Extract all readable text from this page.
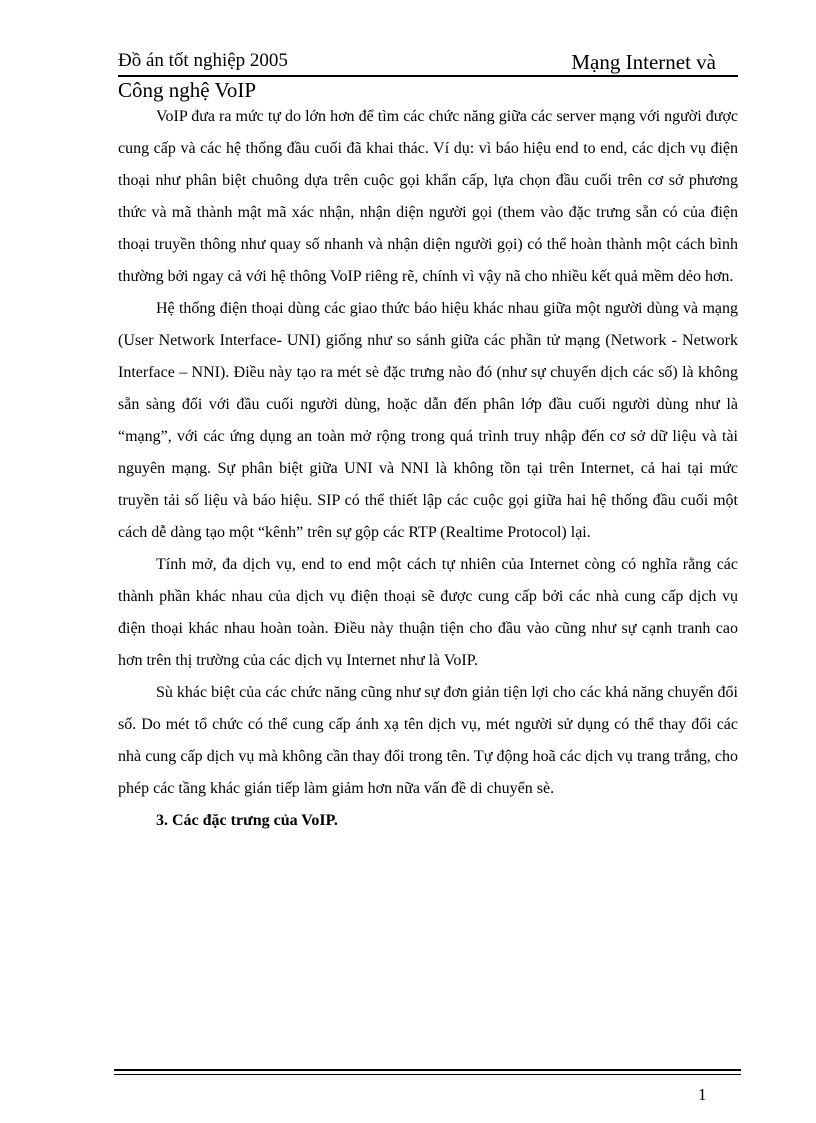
Đồ án tốt nghiệp 2005	Mạng Internet và
Công nghệ VoIP

VoIP đưa ra mức tự do lớn hơn để tìm các chức năng giữa các server mạng với người được cung cấp và các hệ thống đầu cuối đã khai thác. Ví dụ: vì báo hiệu end to end, các dịch vụ điện thoại như phân biệt chuông dựa trên cuộc gọi khẩn cấp, lựa chọn đầu cuối trên cơ sở phương thức và mã thành mật mã xác nhận, nhận diện người gọi (them vào đặc trưng sẵn có của điện thoại truyền thông như quay số nhanh và nhận diện người gọi) có thể hoàn thành một cách bình thường bởi ngay cả với hệ thông VoIP riêng rẽ, chính vì vậy nã cho nhiều kết quả mềm dẻo hơn.

Hệ thống điện thoại dùng các giao thức báo hiệu khác nhau giữa một người dùng và mạng (User Network Interface- UNI) giống như so sánh giữa các phần tử mạng (Network - Network Interface – NNI). Điều này tạo ra mét sè đặc trưng nào đó (như sự chuyển dịch các số) là không sẵn sàng đối với đầu cuối người dùng, hoặc dẫn đến phân lớp đầu cuối người dùng như là “mạng”, với các ứng dụng an toàn mở rộng trong quá trình truy nhập đến cơ sở dữ liệu và tài nguyên mạng. Sự phân biệt giữa UNI và NNI là không tồn tại trên Internet, cả hai tại mức truyền tải số liệu và báo hiệu. SIP có thể thiết lập các cuộc gọi giữa hai hệ thống đầu cuối một cách dễ dàng tạo một “kênh” trên sự gộp các RTP (Realtime Protocol) lại.

Tính mở, đa dịch vụ, end to end một cách tự nhiên của Internet còng có nghĩa rằng các thành phần khác nhau của dịch vụ điện thoại sẽ được cung cấp bởi các nhà cung cấp dịch vụ điện thoại khác nhau hoàn toàn. Điều này thuận tiện cho đầu vào cũng như sự cạnh tranh cao hơn trên thị trường của các dịch vụ Internet như là VoIP.

Sù khác biệt của các chức năng cũng như sự đơn giản tiện lợi cho các khả năng chuyển đổi số. Do mét tổ chức có thể cung cấp ánh xạ tên dịch vụ, mét người sử dụng có thể thay đổi các nhà cung cấp dịch vụ mà không cần thay đổi trong tên. Tự động hoã các dịch vụ trang trắng, cho phép các tầng khác gián tiếp làm giảm hơn nữa vấn đề di chuyển sè.

3. Các đặc trưng của VoIP.

1
